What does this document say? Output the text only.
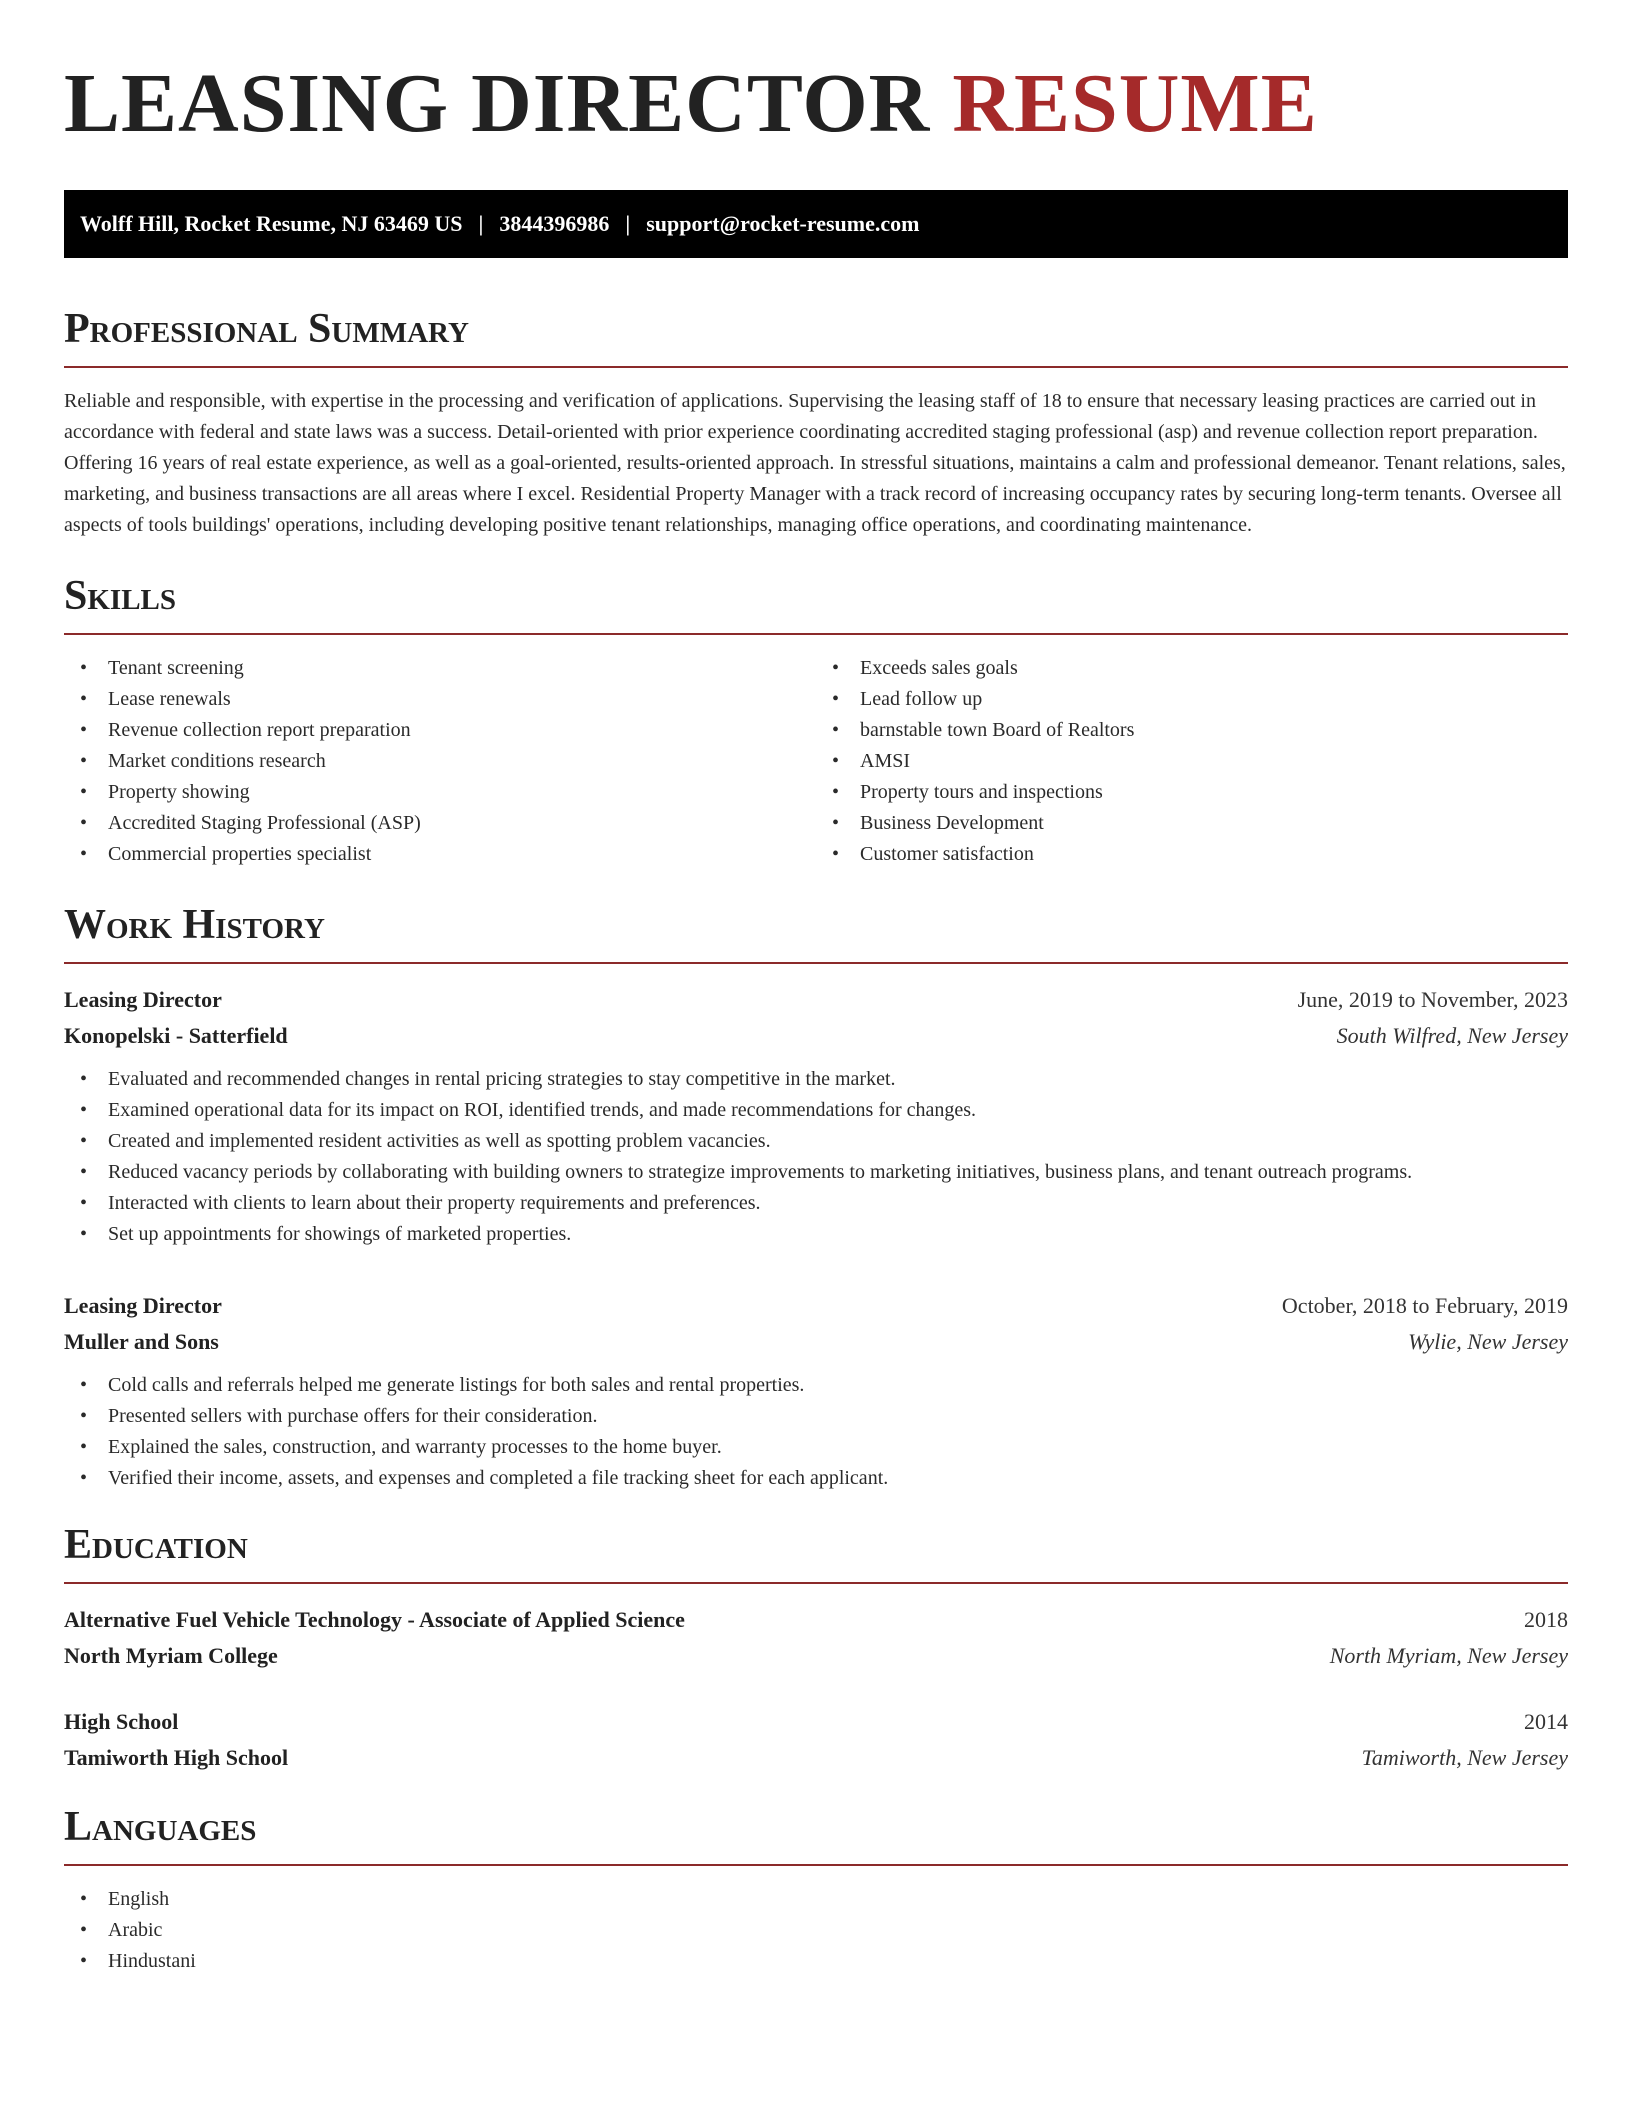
LEASING DIRECTOR RESUME
Wolff Hill, Rocket Resume, NJ 63469 US | 3844396986 | support@rocket-resume.com
Professional Summary

Reliable and responsible, with expertise in the processing and verification of applications. Supervising the leasing staff of 18 to ensure that necessary leasing practices are carried out in accordance with federal and state laws was a success. Detail-oriented with prior experience coordinating accredited staging professional (asp) and revenue collection report preparation. Offering 16 years of real estate experience, as well as a goal-oriented, results-oriented approach. In stressful situations, maintains a calm and professional demeanor. Tenant relations, sales, marketing, and business transactions are all areas where I excel. Residential Property Manager with a track record of increasing occupancy rates by securing long-term tenants. Oversee all aspects of tools buildings' operations, including developing positive tenant relationships, managing office operations, and coordinating maintenance.

Skills
• Tenant screening
• Lease renewals
• Revenue collection report preparation
• Market conditions research
• Property showing
• Accredited Staging Professional (ASP)
• Commercial properties specialist
• Exceeds sales goals
• Lead follow up
• barnstable town Board of Realtors
• AMSI
• Property tours and inspections
• Business Development
• Customer satisfaction
Work History
Leasing Director	June, 2019 to November, 2023
Konopelski - Satterfield	South Wilfred, New Jersey
• Evaluated and recommended changes in rental pricing strategies to stay competitive in the market.
• Examined operational data for its impact on ROI, identified trends, and made recommendations for changes.
• Created and implemented resident activities as well as spotting problem vacancies.
• Reduced vacancy periods by collaborating with building owners to strategize improvements to marketing initiatives, business plans, and tenant outreach programs.
• Interacted with clients to learn about their property requirements and preferences.
• Set up appointments for showings of marketed properties.
Leasing Director	October, 2018 to February, 2019
Muller and Sons	Wylie, New Jersey
• Cold calls and referrals helped me generate listings for both sales and rental properties.
• Presented sellers with purchase offers for their consideration.
• Explained the sales, construction, and warranty processes to the home buyer.
• Verified their income, assets, and expenses and completed a file tracking sheet for each applicant.
Education
Alternative Fuel Vehicle Technology - Associate of Applied Science	2018
North Myriam College	North Myriam, New Jersey
High School	2014
Tamiworth High School	Tamiworth, New Jersey
Languages
• English
• Arabic
• Hindustani
